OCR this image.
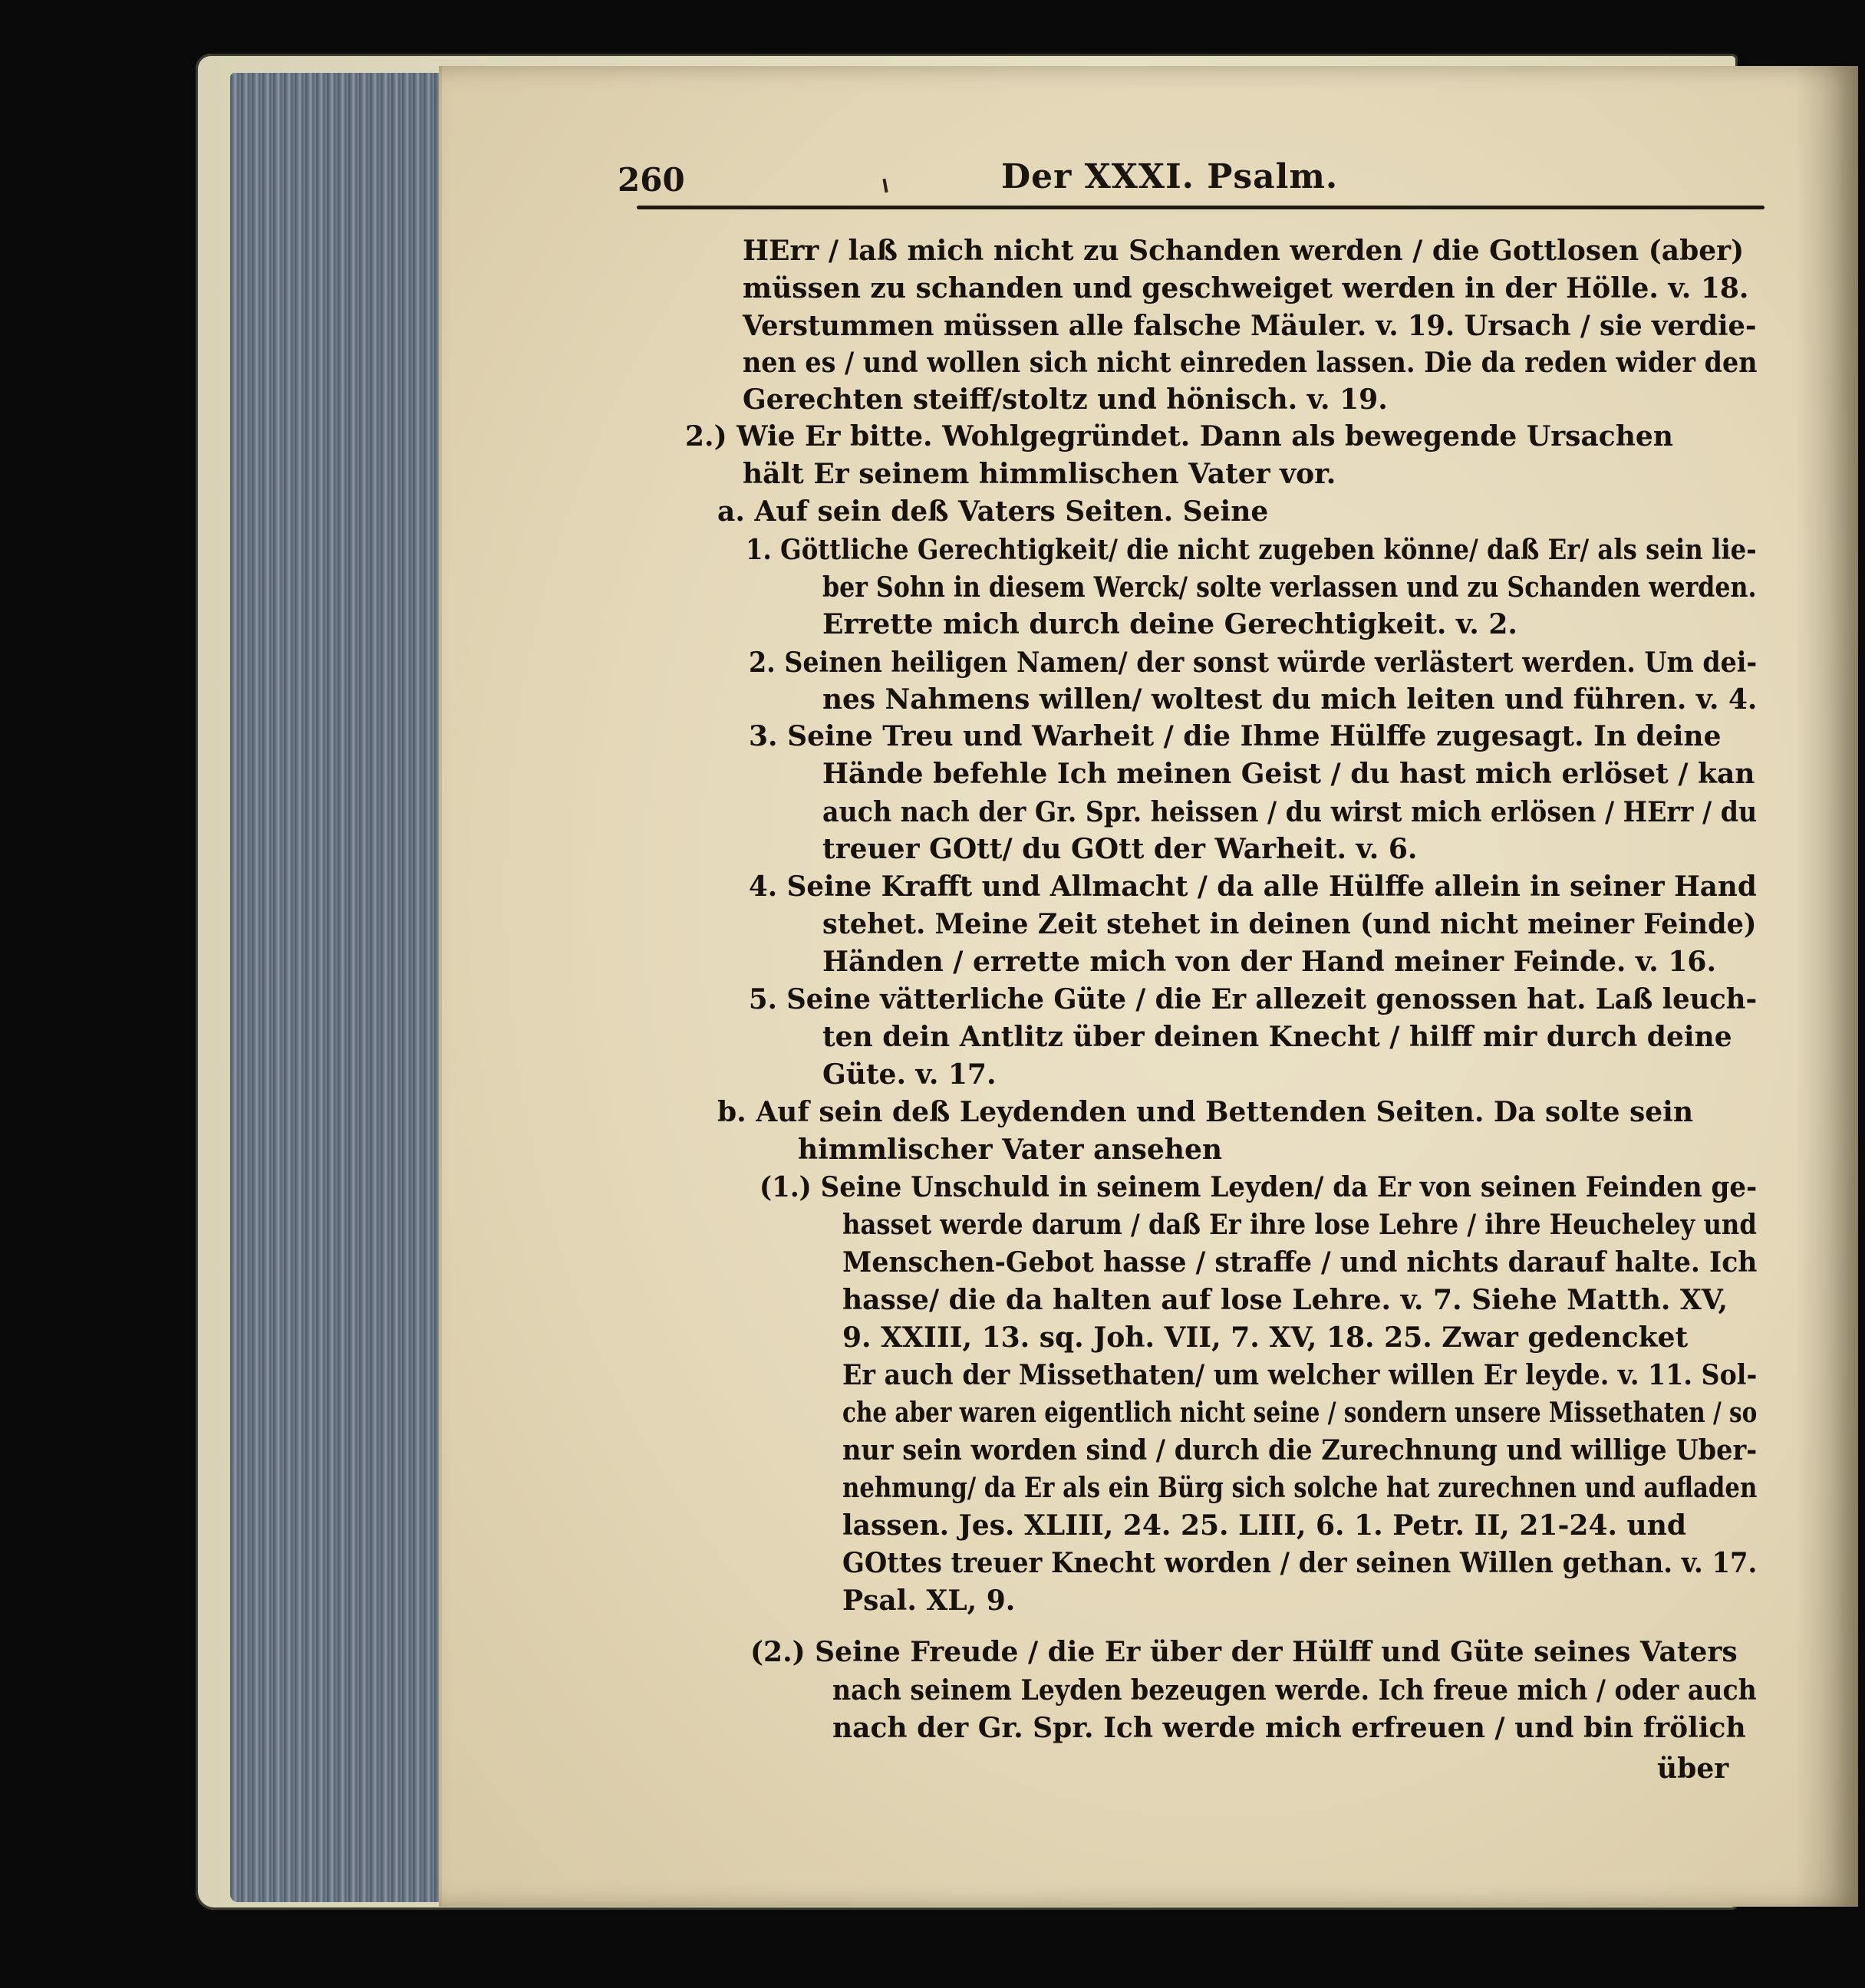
260	Der XXXI. Psalm.
HErr / laß mich nicht zu Schanden werden / die Gottlosen (aber)
müssen zu schanden und geschweiget werden in der Hölle. v. 18.
Verstummen müssen alle falsche Mäuler. v. 19. Ursach / sie verdie-
nen es / und wollen sich nicht einreden lassen. Die da reden wider den
Gerechten steiff/stoltz und hönisch. v. 19.
2.) Wie Er bitte. Wohlgegründet. Dann als bewegende Ursachen
hält Er seinem himmlischen Vater vor.
a. Auf sein deß Vaters Seiten. Seine
1. Göttliche Gerechtigkeit/ die nicht zugeben könne/ daß Er/ als sein lie-
ber Sohn in diesem Werck/ solte verlassen und zu Schanden werden.
Errette mich durch deine Gerechtigkeit. v. 2.
2. Seinen heiligen Namen/ der sonst würde verlästert werden. Um dei-
nes Nahmens willen/ woltest du mich leiten und führen. v. 4.
3. Seine Treu und Warheit / die Ihme Hülffe zugesagt. In deine
Hände befehle Ich meinen Geist / du hast mich erlöset / kan
auch nach der Gr. Spr. heissen / du wirst mich erlösen / HErr / du
treuer GOtt/ du GOtt der Warheit. v. 6.
4. Seine Krafft und Allmacht / da alle Hülffe allein in seiner Hand
stehet. Meine Zeit stehet in deinen (und nicht meiner Feinde)
Händen / errette mich von der Hand meiner Feinde. v. 16.
5. Seine vätterliche Güte / die Er allezeit genossen hat. Laß leuch-
ten dein Antlitz über deinen Knecht / hilff mir durch deine
Güte. v. 17.
b. Auf sein deß Leydenden und Bettenden Seiten. Da solte sein
himmlischer Vater ansehen
(1.) Seine Unschuld in seinem Leyden/ da Er von seinen Feinden ge-
hasset werde darum / daß Er ihre lose Lehre / ihre Heucheley und
Menschen-Gebot hasse / straffe / und nichts darauf halte. Ich
hasse/ die da halten auf lose Lehre. v. 7. Siehe Matth. XV,
9. XXIII, 13. sq. Joh. VII, 7. XV, 18. 25. Zwar gedencket
Er auch der Missethaten/ um welcher willen Er leyde. v. 11. Sol-
che aber waren eigentlich nicht seine / sondern unsere Missethaten / so
nur sein worden sind / durch die Zurechnung und willige Uber-
nehmung/ da Er als ein Bürg sich solche hat zurechnen und aufladen
lassen. Jes. XLIII, 24. 25. LIII, 6. 1. Petr. II, 21-24. und
GOttes treuer Knecht worden / der seinen Willen gethan. v. 17.
Psal. XL, 9.
(2.) Seine Freude / die Er über der Hülff und Güte seines Vaters
nach seinem Leyden bezeugen werde. Ich freue mich / oder auch
nach der Gr. Spr. Ich werde mich erfreuen / und bin frölich
über
